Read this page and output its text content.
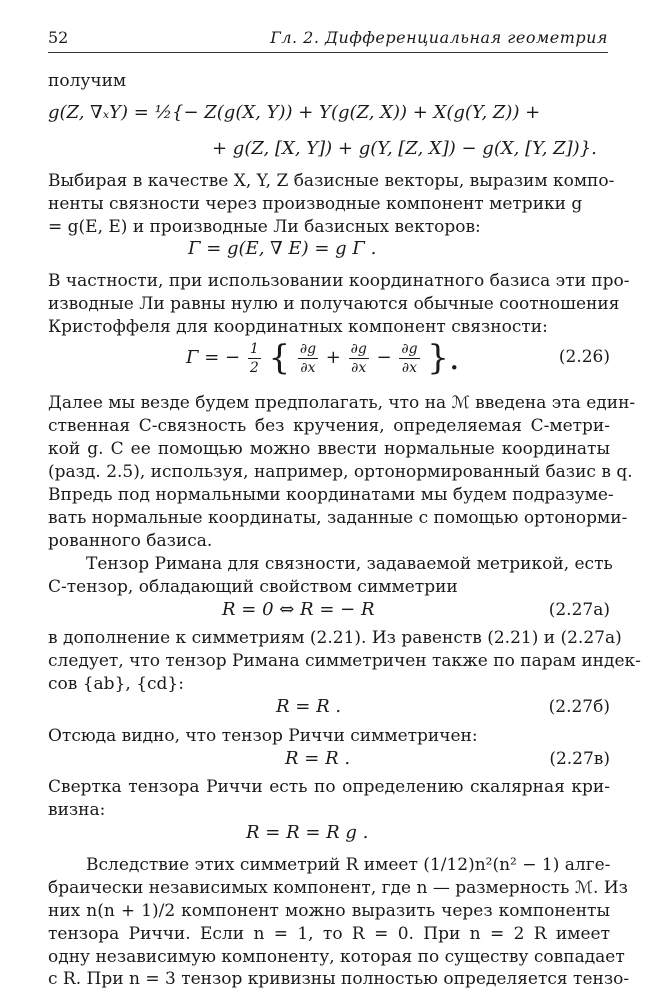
52	Гл. 2. Дифференциальная геометрия
получим
g(Z, ∇ₓY) = ½{− Z(g(X, Y)) + Y(g(Z, X)) + X(g(Y, Z)) +
+ g(Z, [X, Y]) + g(Y, [Z, X]) − g(X, [Y, Z])}.
Выбирая в качестве X, Y, Z базисные векторы, выразим компо-
ненты связности через производные компонент метрики g
= g(E, E) и производные Ли базисных векторов:
Γ = g(E, ∇ E) = g Γ .
В частности, при использовании координатного базиса эти про-
изводные Ли равны нулю и получаются обычные соотношения
Кристоффеля для координатных компонент связности:
Γ = − $\frac{1}{2}$ { $\frac{\partial g}{\partial x} + \frac{\partial g}{\partial x} - \frac{\partial g}{\partial x}$ }.	(2.26)
Далее мы везде будем предполагать, что на ℳ введена эта един-
ственная C-связность без кручения, определяемая C-метри-
кой g. С ее помощью можно ввести нормальные координаты
(разд. 2.5), используя, например, ортонормированный базис в q.
Впредь под нормальными координатами мы будем подразуме-
вать нормальные координаты, заданные с помощью ортонорми-
рованного базиса.
Тензор Римана для связности, задаваемой метрикой, есть
C-тензор, обладающий свойством симметрии
R = 0 ⇔ R = − R	(2.27а)
в дополнение к симметриям (2.21). Из равенств (2.21) и (2.27а)
следует, что тензор Римана симметричен также по парам индек-
сов {ab}, {cd}:
R = R .	(2.27б)
Отсюда видно, что тензор Риччи симметричен:
R = R .	(2.27в)
Свертка тензора Риччи есть по определению скалярная кри-
визна:
R = R = R g .
Вследствие этих симметрий R имеет (1/12)n²(n² − 1) алге-
браически независимых компонент, где n — размерность ℳ. Из
них n(n + 1)/2 компонент можно выразить через компоненты
тензора Риччи. Если n = 1, то R = 0. При n = 2 R имеет
одну независимую компоненту, которая по существу совпадает
с R. При n = 3 тензор кривизны полностью определяется тензо-
